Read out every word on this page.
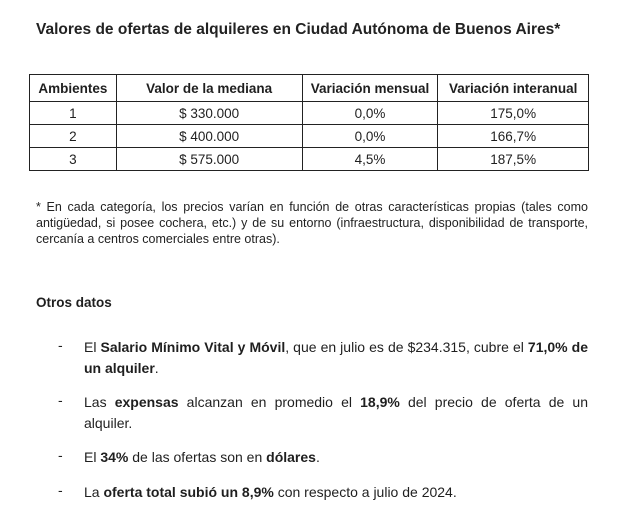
Valores de ofertas de alquileres en Ciudad Autónoma de Buenos Aires*
Ambientes	Valor de la mediana	Variación mensual	Variación interanual
1	$ 330.000	0,0%	175,0%
2	$ 400.000	0,0%	166,7%
3	$ 575.000	4,5%	187,5%
* En cada categoría, los precios varían en función de otras características propias (tales como antigüedad, si posee cochera, etc.) y de su entorno (infraestructura, disponibilidad de transporte, cercanía a centros comerciales entre otras).
Otros datos
- El Salario Mínimo Vital y Móvil, que en julio es de $234.315, cubre el 71,0% de un alquiler.
- Las expensas alcanzan en promedio el 18,9% del precio de oferta de un alquiler.
- El 34% de las ofertas son en dólares.
- La oferta total subió un 8,9% con respecto a julio de 2024.
